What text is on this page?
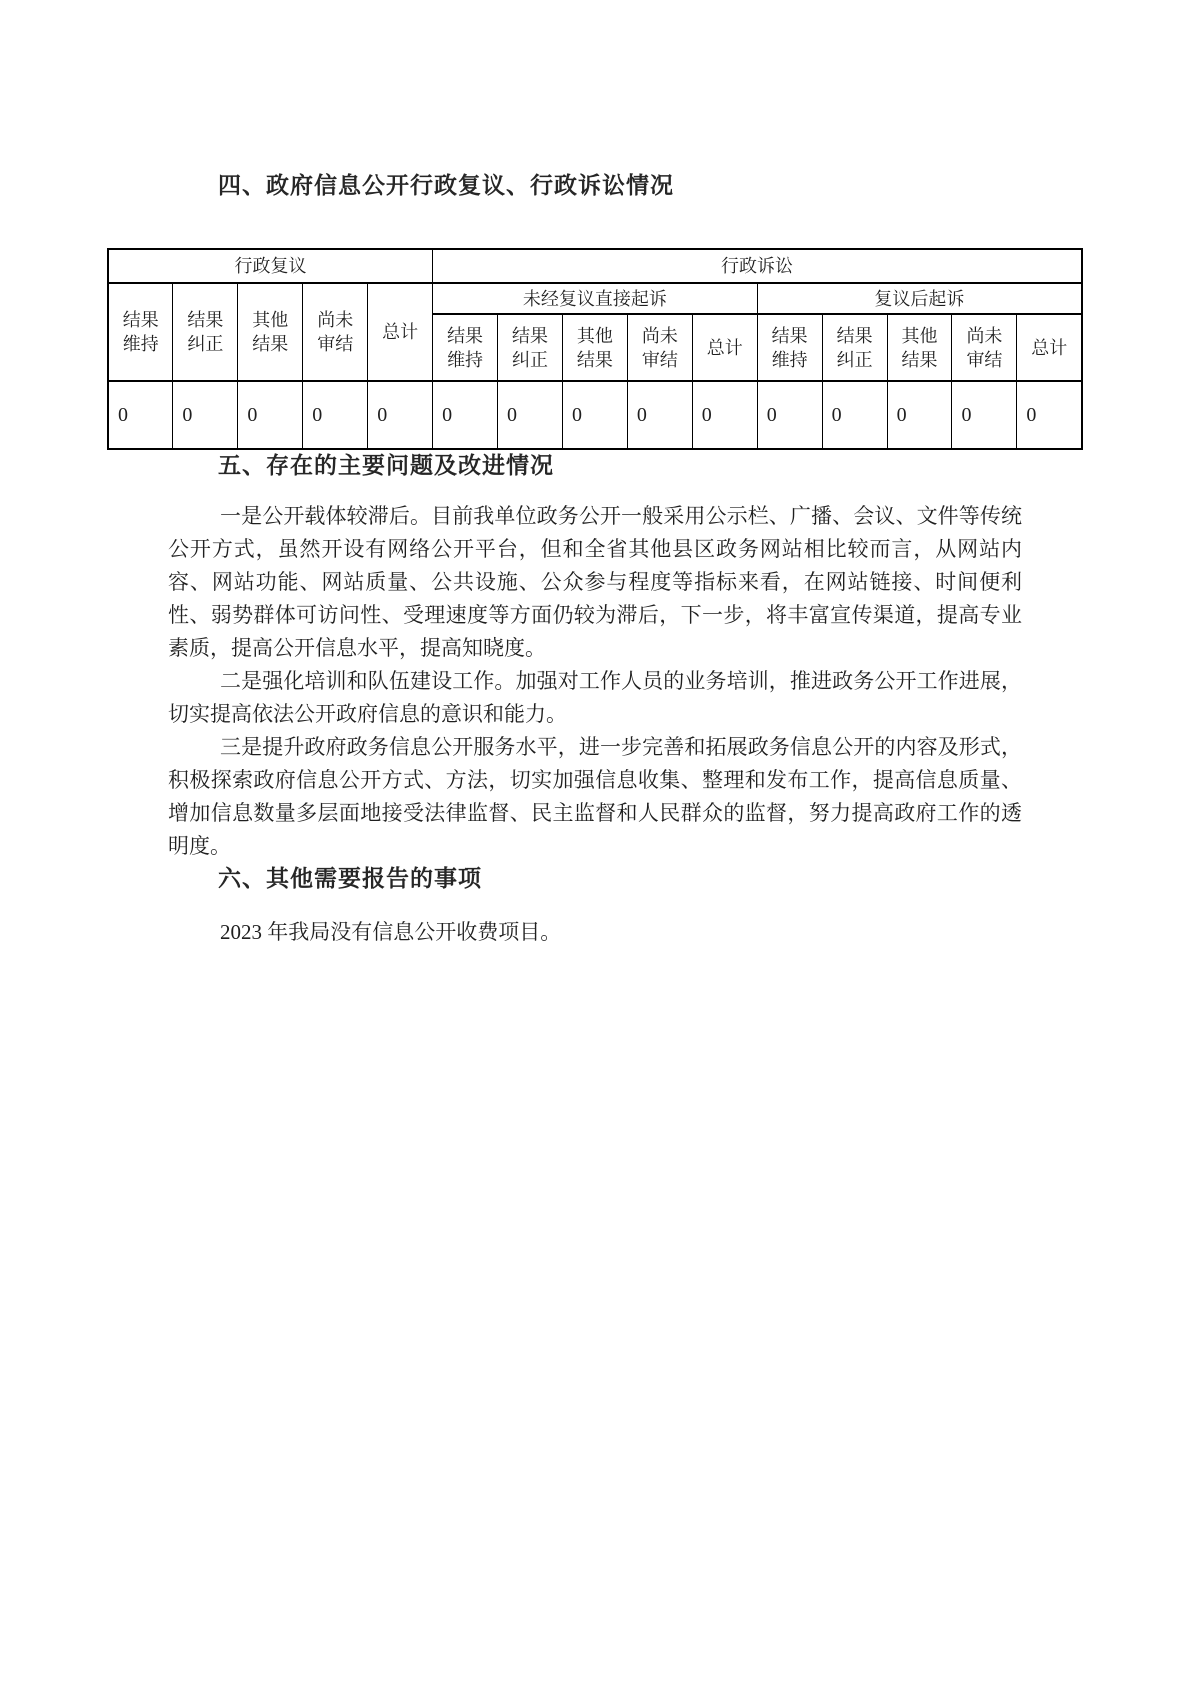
四、政府信息公开行政复议、行政诉讼情况
行政复议					行政诉讼									
结果维持	结果纠正	其他结果	尚未审结	总计	未经复议直接起诉					复议后起诉				
					结果维持	结果纠正	其他结果	尚未审结	总计	结果维持	结果纠正	其他结果	尚未审结	总计
0	0	0	0	0	0	0	0	0	0	0	0	0	0	0
五、存在的主要问题及改进情况

一是公开载体较滞后。目前我单位政务公开一般采用公示栏、广播、会议、文件等传统公开方式，虽然开设有网络公开平台，但和全省其他县区政务网站相比较而言，从网站内容、网站功能、网站质量、公共设施、公众参与程度等指标来看，在网站链接、时间便利性、弱势群体可访问性、受理速度等方面仍较为滞后，下一步，将丰富宣传渠道，提高专业素质，提高公开信息水平，提高知晓度。

二是强化培训和队伍建设工作。加强对工作人员的业务培训，推进政务公开工作进展，切实提高依法公开政府信息的意识和能力。

三是提升政府政务信息公开服务水平，进一步完善和拓展政务信息公开的内容及形式，积极探索政府信息公开方式、方法，切实加强信息收集、整理和发布工作，提高信息质量、增加信息数量多层面地接受法律监督、民主监督和人民群众的监督，努力提高政府工作的透明度。

六、其他需要报告的事项

2023 年我局没有信息公开收费项目。
